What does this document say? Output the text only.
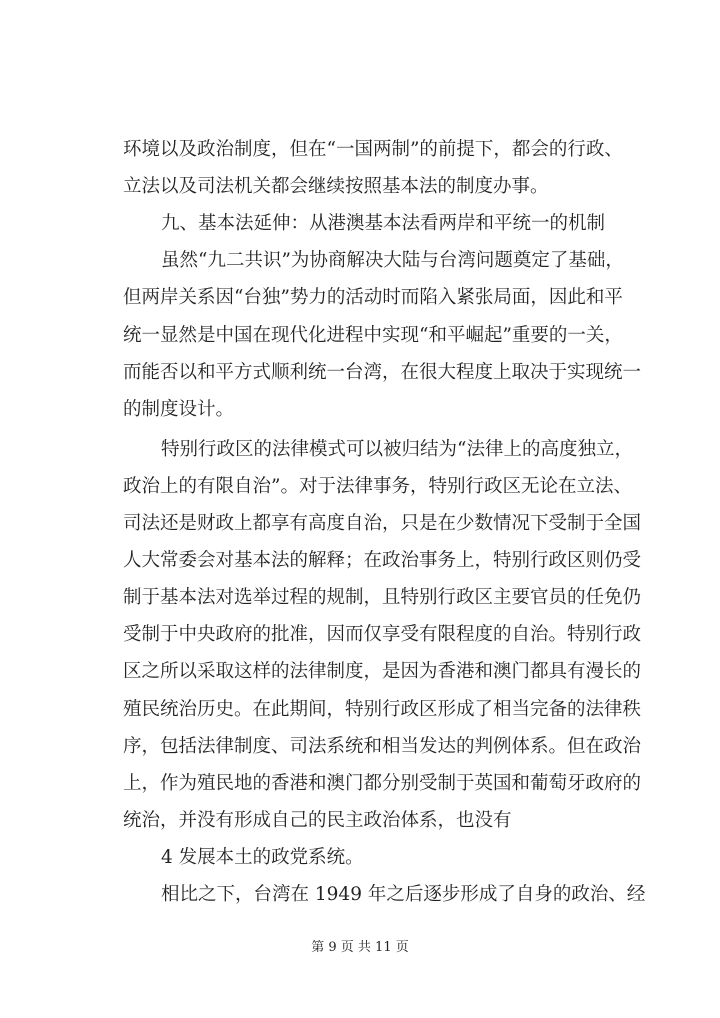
环境以及政治制度，但在“一国两制”的前提下，都会的行政、
立法以及司法机关都会继续按照基本法的制度办事。
九、基本法延伸：从港澳基本法看两岸和平统一的机制
虽然“九二共识”为协商解决大陆与台湾问题奠定了基础，
但两岸关系因“台独”势力的活动时而陷入紧张局面，因此和平
统一显然是中国在现代化进程中实现“和平崛起”重要的一关，
而能否以和平方式顺利统一台湾，在很大程度上取决于实现统一
的制度设计。
特别行政区的法律模式可以被归结为“法律上的高度独立，
政治上的有限自治”。对于法律事务，特别行政区无论在立法、
司法还是财政上都享有高度自治，只是在少数情况下受制于全国
人大常委会对基本法的解释；在政治事务上，特别行政区则仍受
制于基本法对选举过程的规制，且特别行政区主要官员的任免仍
受制于中央政府的批准，因而仅享受有限程度的自治。特别行政
区之所以采取这样的法律制度，是因为香港和澳门都具有漫长的
殖民统治历史。在此期间，特别行政区形成了相当完备的法律秩
序，包括法律制度、司法系统和相当发达的判例体系。但在政治
上，作为殖民地的香港和澳门都分别受制于英国和葡萄牙政府的
统治，并没有形成自己的民主政治体系，也没有
4 发展本土的政党系统。
相比之下，台湾在 1949 年之后逐步形成了自身的政治、经
第 9 页 共 11 页
